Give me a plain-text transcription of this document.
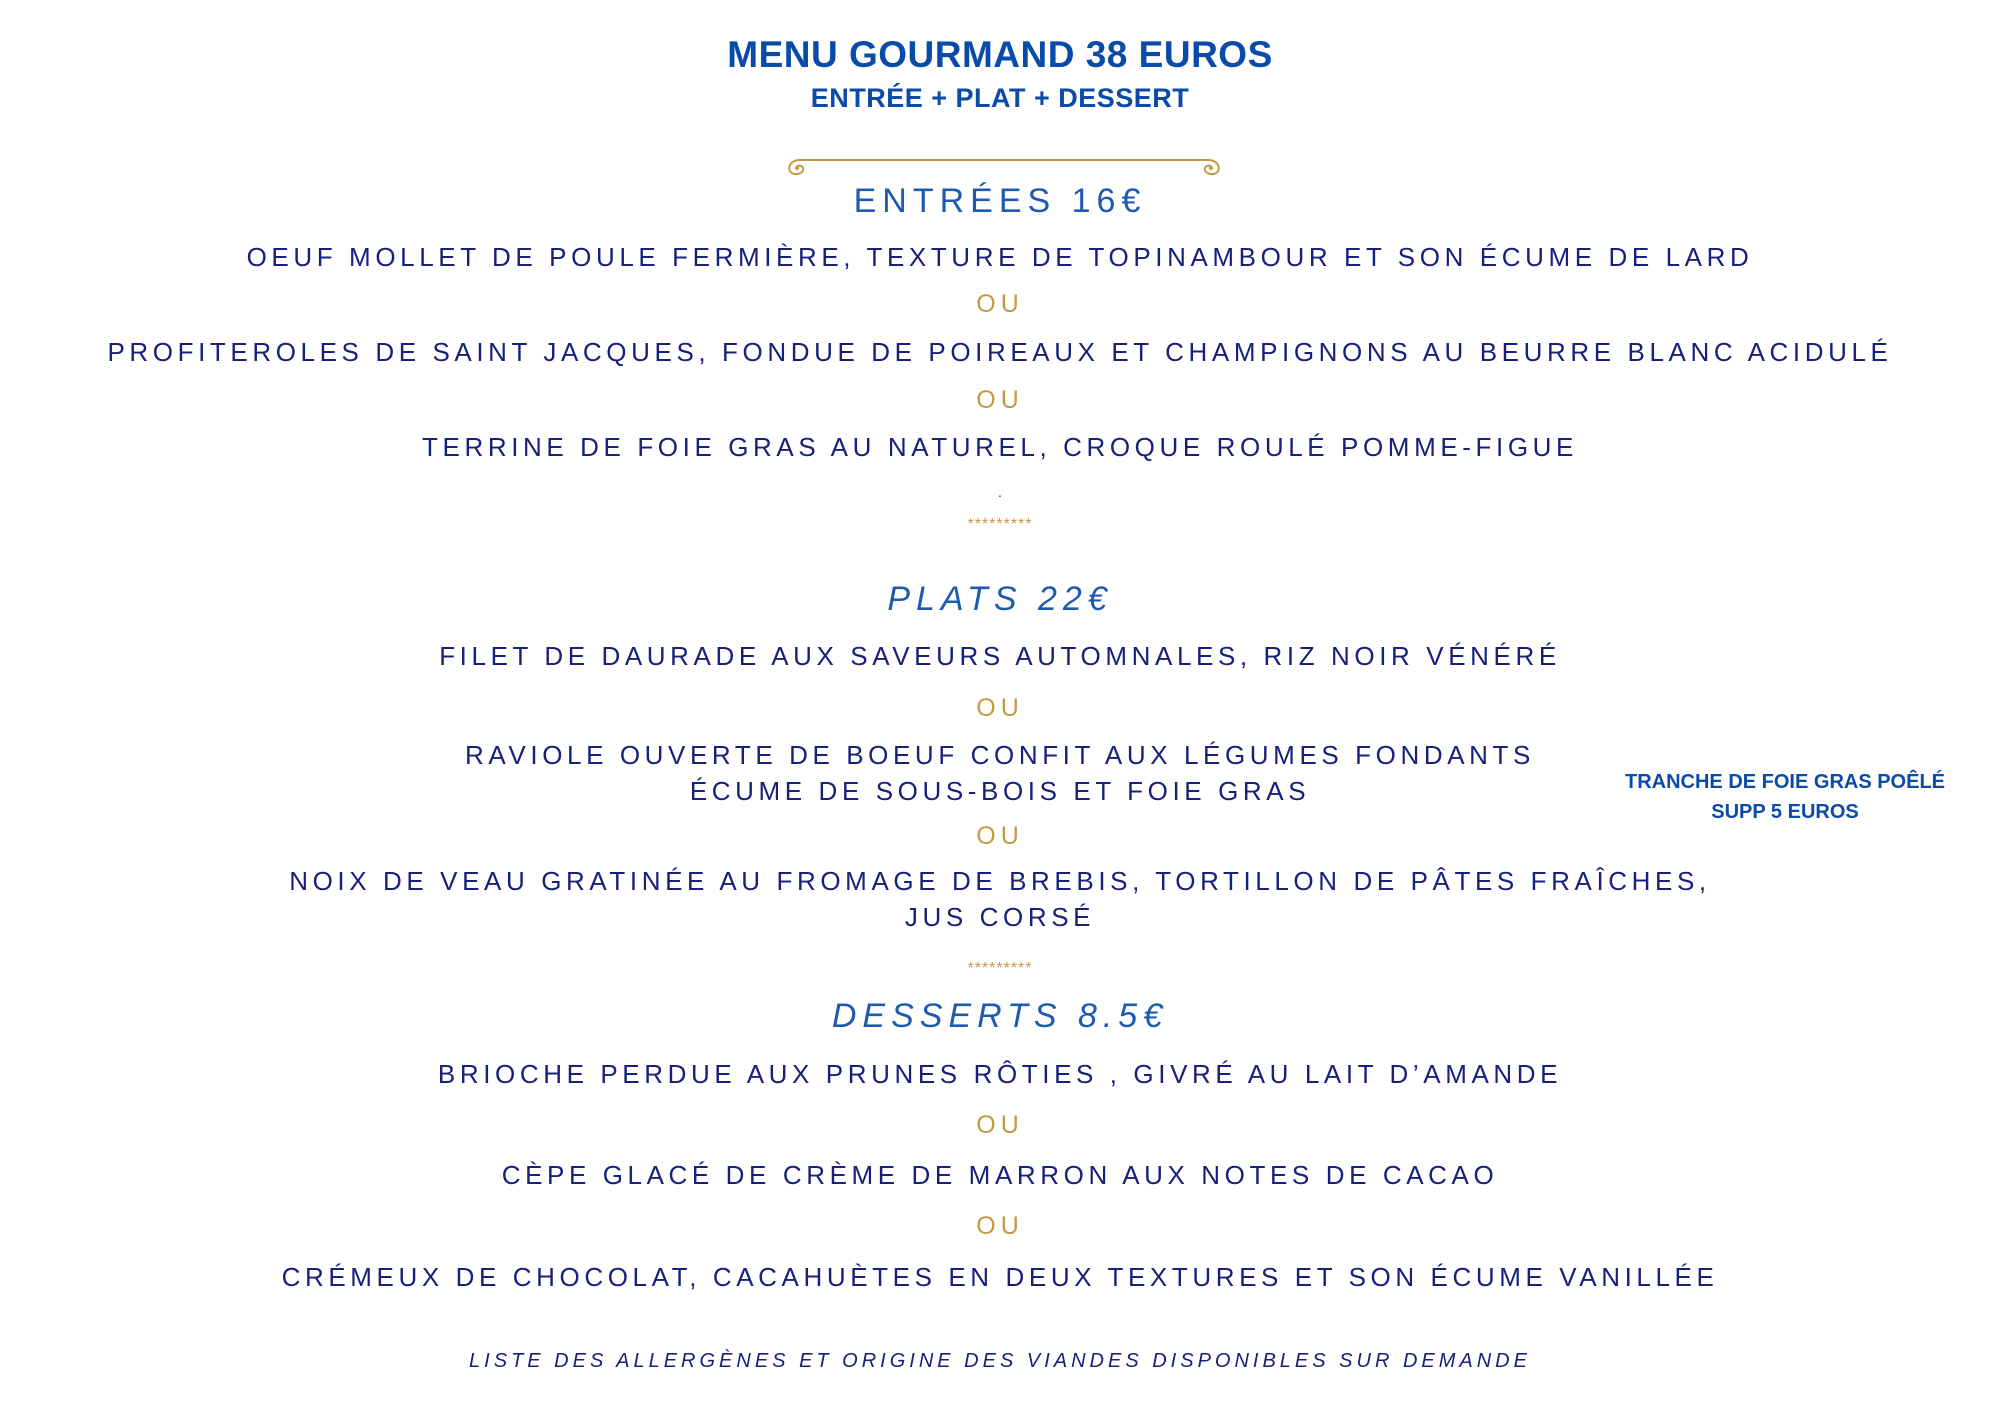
MENU GOURMAND 38 EUROS
ENTRÉE + PLAT + DESSERT
ENTRÉES 16€
OEUF MOLLET DE POULE FERMIÈRE, TEXTURE DE TOPINAMBOUR ET SON ÉCUME DE LARD
OU
PROFITEROLES DE SAINT JACQUES, FONDUE DE POIREAUX ET CHAMPIGNONS AU BEURRE BLANC ACIDULÉ
OU
TERRINE DE FOIE GRAS AU NATUREL, CROQUE ROULÉ POMME-FIGUE
.
*********
PLATS 22€
FILET DE DAURADE AUX SAVEURS AUTOMNALES, RIZ NOIR VÉNÉRÉ
OU
RAVIOLE OUVERTE DE BOEUF CONFIT AUX LÉGUMES FONDANTS
ÉCUME DE SOUS-BOIS ET FOIE GRAS
OU
NOIX DE VEAU GRATINÉE AU FROMAGE DE BREBIS, TORTILLON DE PÂTES FRAÎCHES,
JUS CORSÉ
*********
TRANCHE DE FOIE GRAS POÊLÉ
SUPP 5 EUROS
DESSERTS 8.5€
BRIOCHE PERDUE AUX PRUNES RÔTIES , GIVRÉ AU LAIT D’AMANDE
OU
CÈPE GLACÉ DE CRÈME DE MARRON AUX NOTES DE CACAO
OU
CRÉMEUX DE CHOCOLAT, CACAHUÈTES EN DEUX TEXTURES ET SON ÉCUME VANILLÉE
LISTE DES ALLERGÈNES ET ORIGINE DES VIANDES DISPONIBLES SUR DEMANDE
